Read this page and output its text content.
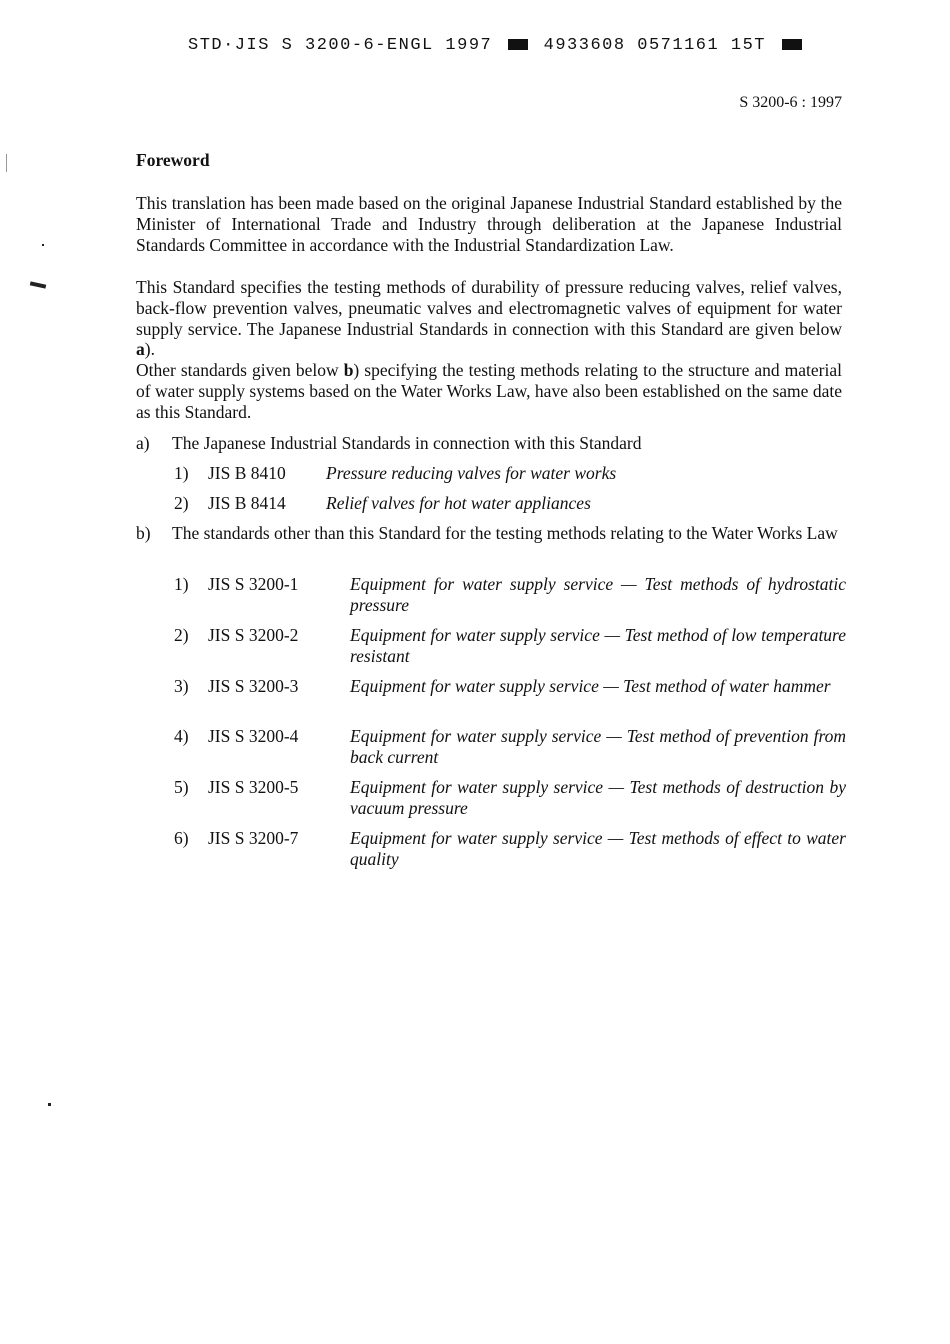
STD·JIS S 3200-6-ENGL 1997	4933608 0571161 15T
S 3200-6 : 1997
Foreword
This translation has been made based on the original Japanese Industrial Standard established by the Minister of International Trade and Industry through deliberation at the Japanese Industrial Standards Committee in accordance with the Industrial Standardization Law.
This Standard specifies the testing methods of durability of pressure reducing valves, relief valves, back-flow prevention valves, pneumatic valves and electromagnetic valves of equipment for water supply service. The Japanese Industrial Standards in connection with this Standard are given below a).
Other standards given below b) specifying the testing methods relating to the structure and material of water supply systems based on the Water Works Law, have also been established on the same date as this Standard.
a) The Japanese Industrial Standards in connection with this Standard
1) JIS B 8410 Pressure reducing valves for water works
2) JIS B 8414 Relief valves for hot water appliances
b) The standards other than this Standard for the testing methods relating to the Water Works Law
1) JIS S 3200-1	Equipment for water supply service — Test methods of hydrostatic pressure
2) JIS S 3200-2	Equipment for water supply service — Test method of low temperature resistant
3) JIS S 3200-3	Equipment for water supply service — Test method of water hammer
4) JIS S 3200-4	Equipment for water supply service — Test method of prevention from back current
5) JIS S 3200-5	Equipment for water supply service — Test methods of destruction by vacuum pressure
6) JIS S 3200-7	Equipment for water supply service — Test methods of effect to water quality
